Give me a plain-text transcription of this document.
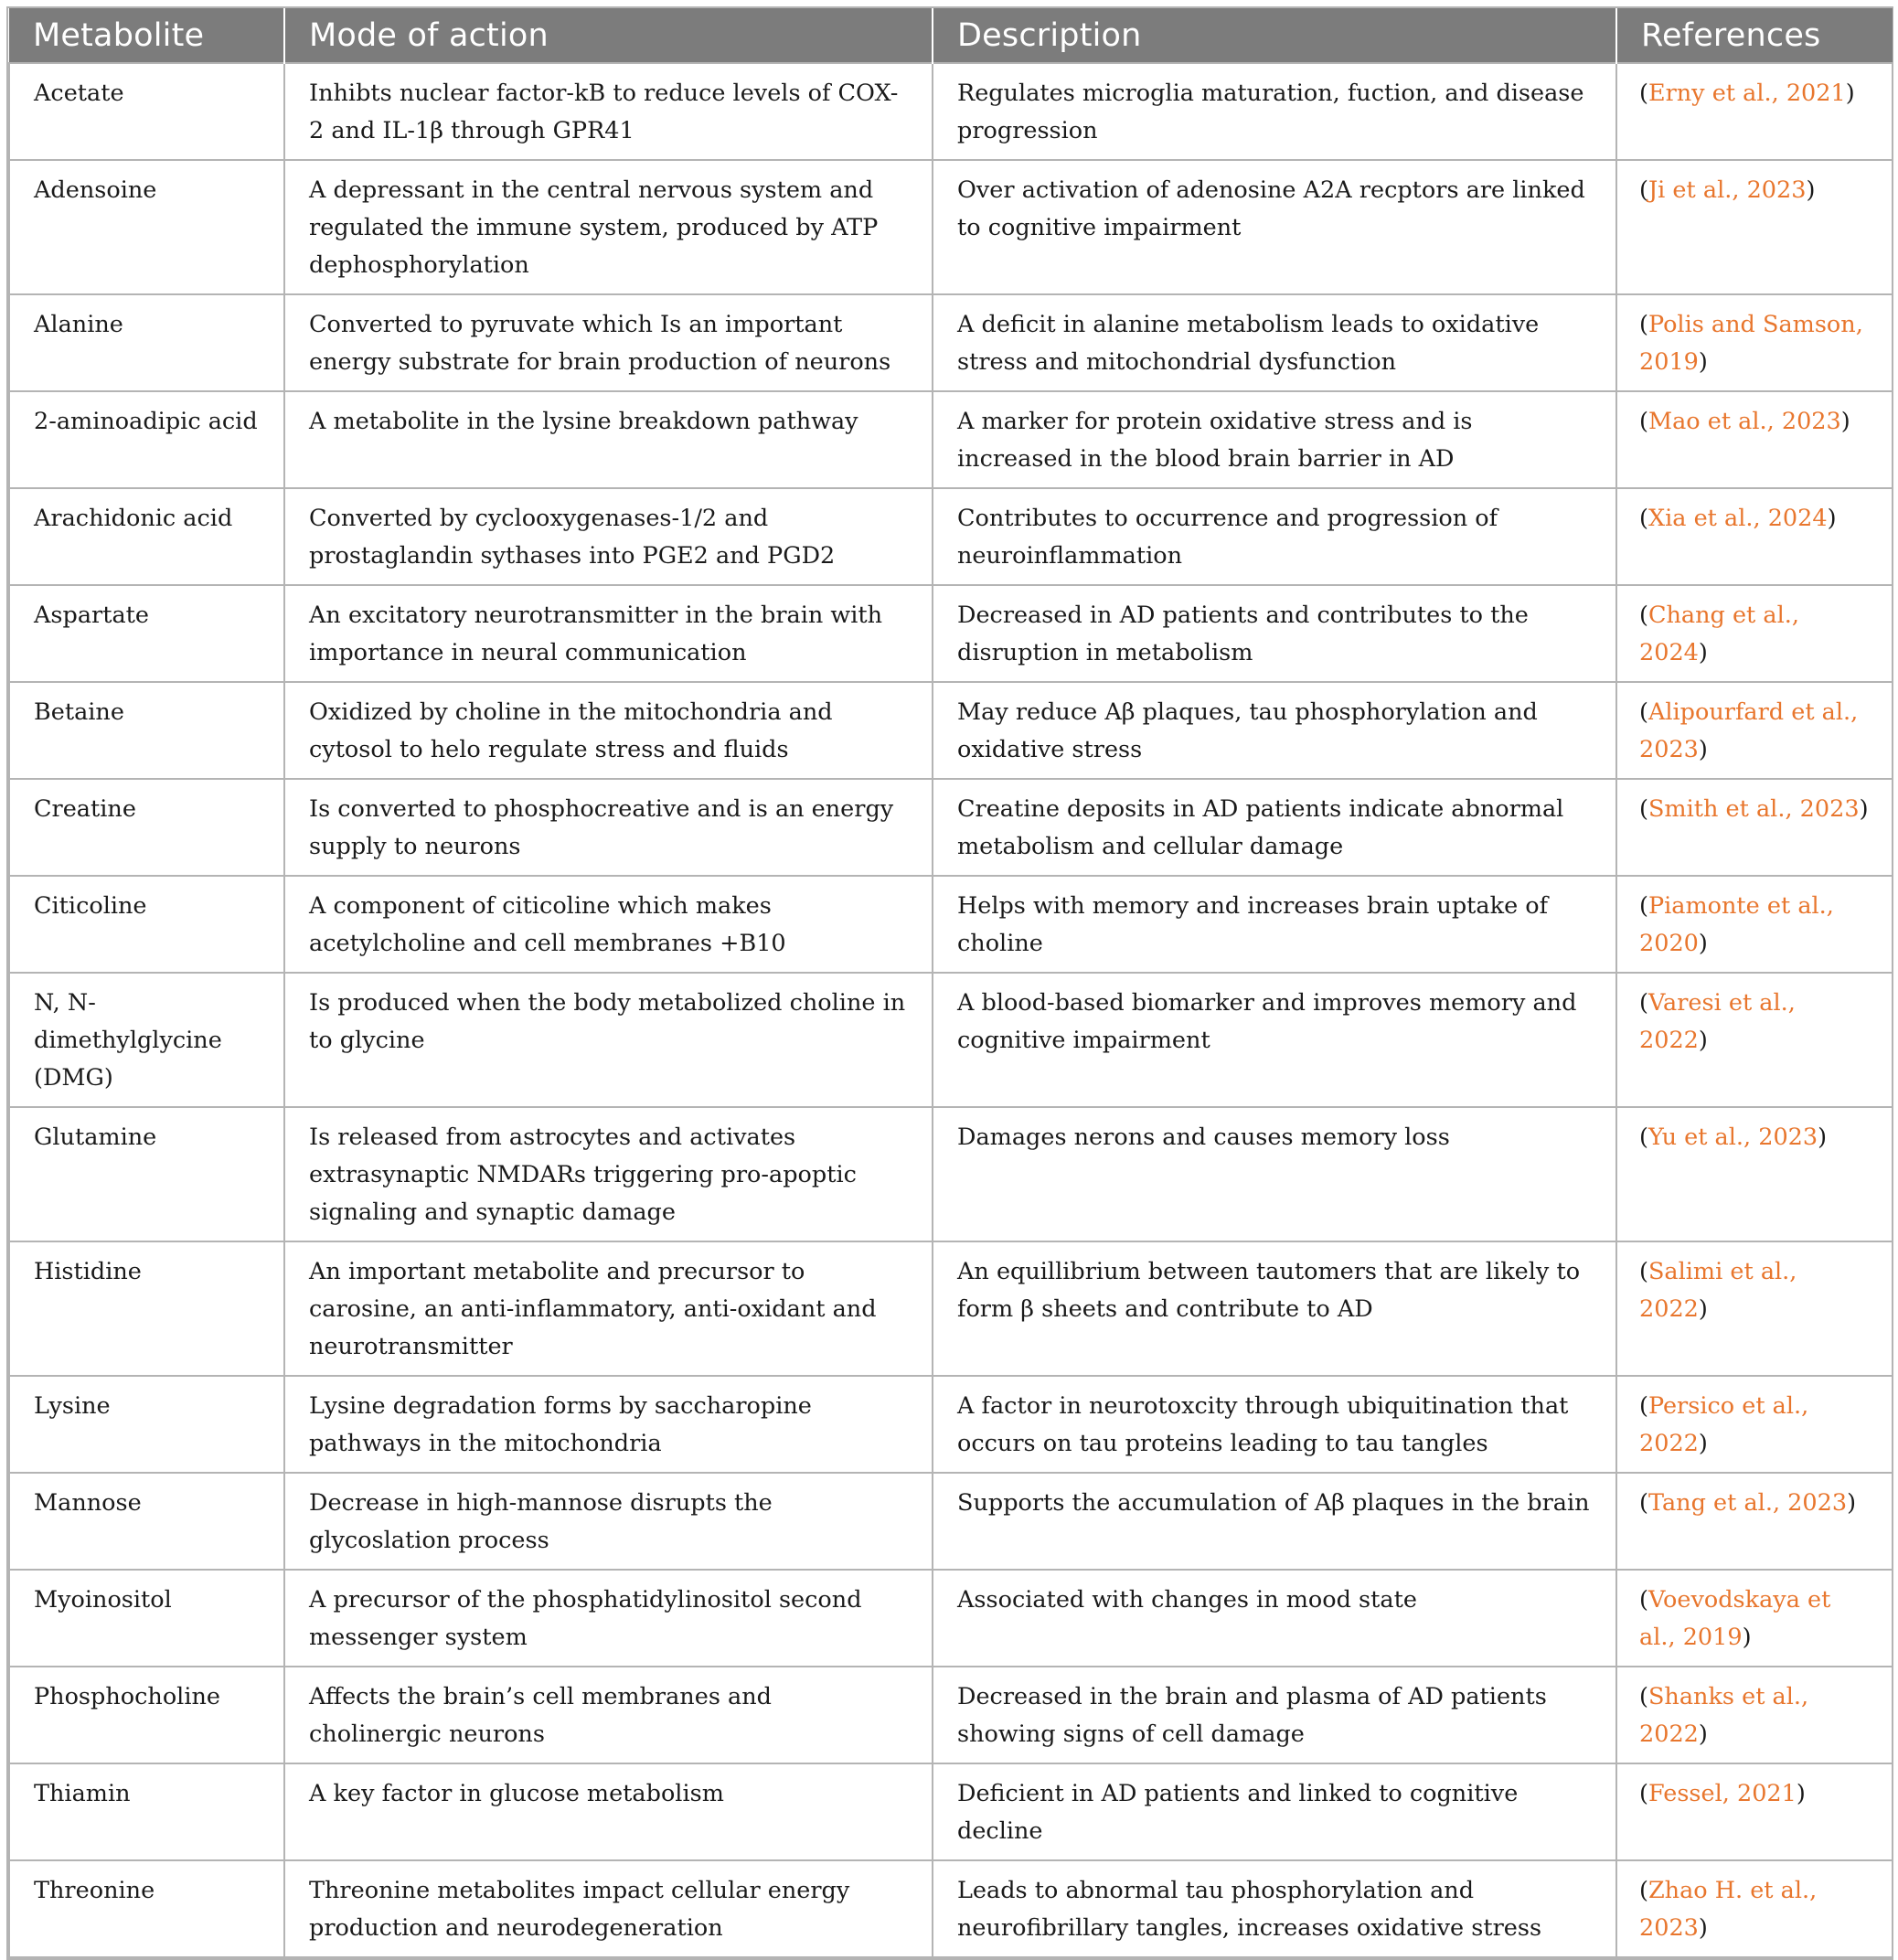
Metabolite	Mode of action	Description	References
Acetate	Inhibts nuclear factor-kB to reduce levels of COX-2 and IL-1β through GPR41	Regulates microglia maturation, fuction, and disease progression	(Erny et al., 2021)
Adensoine	A depressant in the central nervous system and regulated the immune system, produced by ATP dephosphorylation	Over activation of adenosine A2A recptors are linked to cognitive impairment	(Ji et al., 2023)
Alanine	Converted to pyruvate which Is an important energy substrate for brain production of neurons	A deficit in alanine metabolism leads to oxidative stress and mitochondrial dysfunction	(Polis and Samson, 2019)
2-aminoadipic acid	A metabolite in the lysine breakdown pathway	A marker for protein oxidative stress and is increased in the blood brain barrier in AD	(Mao et al., 2023)
Arachidonic acid	Converted by cyclooxygenases-1/2 and prostaglandin sythases into PGE2 and PGD2	Contributes to occurrence and progression of neuroinflammation	(Xia et al., 2024)
Aspartate	An excitatory neurotransmitter in the brain with importance in neural communication	Decreased in AD patients and contributes to the disruption in metabolism	(Chang et al., 2024)
Betaine	Oxidized by choline in the mitochondria and cytosol to helo regulate stress and fluids	May reduce Aβ plaques, tau phosphorylation and oxidative stress	(Alipourfard et al., 2023)
Creatine	Is converted to phosphocreative and is an energy supply to neurons	Creatine deposits in AD patients indicate abnormal metabolism and cellular damage	(Smith et al., 2023)
Citicoline	A component of citicoline which makes acetylcholine and cell membranes +B10	Helps with memory and increases brain uptake of choline	(Piamonte et al., 2020)
N, N-dimethylglycine (DMG)	Is produced when the body metabolized choline in to glycine	A blood-based biomarker and improves memory and cognitive impairment	(Varesi et al., 2022)
Glutamine	Is released from astrocytes and activates extrasynaptic NMDARs triggering pro-apoptic signaling and synaptic damage	Damages nerons and causes memory loss	(Yu et al., 2023)
Histidine	An important metabolite and precursor to carosine, an anti-inflammatory, anti-oxidant and neurotransmitter	An equillibrium between tautomers that are likely to form β sheets and contribute to AD	(Salimi et al., 2022)
Lysine	Lysine degradation forms by saccharopine pathways in the mitochondria	A factor in neurotoxcity through ubiquitination that occurs on tau proteins leading to tau tangles	(Persico et al., 2022)
Mannose	Decrease in high-mannose disrupts the glycoslation process	Supports the accumulation of Aβ plaques in the brain	(Tang et al., 2023)
Myoinositol	A precursor of the phosphatidylinositol second messenger system	Associated with changes in mood state	(Voevodskaya et al., 2019)
Phosphocholine	Affects the brain’s cell membranes and cholinergic neurons	Decreased in the brain and plasma of AD patients showing signs of cell damage	(Shanks et al., 2022)
Thiamin	A key factor in glucose metabolism	Deficient in AD patients and linked to cognitive decline	(Fessel, 2021)
Threonine	Threonine metabolites impact cellular energy production and neurodegeneration	Leads to abnormal tau phosphorylation and neurofibrillary tangles, increases oxidative stress	(Zhao H. et al., 2023)
